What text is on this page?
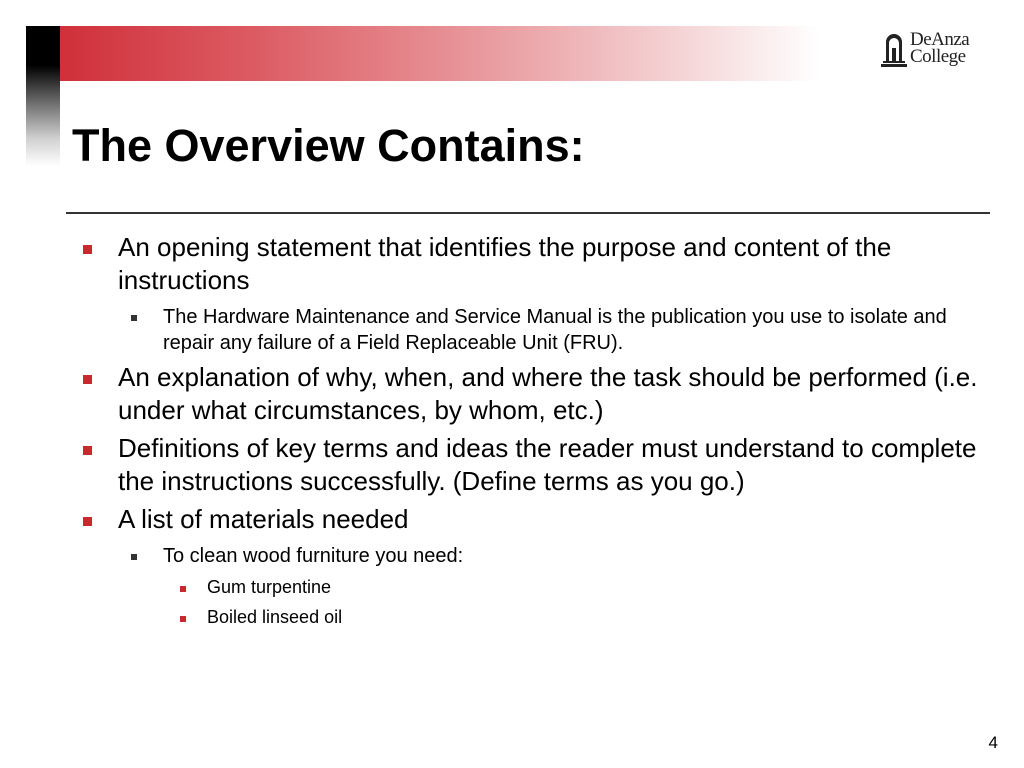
DeAnza
College
The Overview Contains:
An opening statement that identifies the purpose and content of the instructions
The Hardware Maintenance and Service Manual is the publication you use to isolate and repair any failure of a Field Replaceable Unit (FRU).
An explanation of why, when, and where the task should be performed (i.e. under what circumstances, by whom, etc.)
Definitions of key terms and ideas the reader must understand to complete the instructions successfully. (Define terms as you go.)
A list of materials needed
To clean wood furniture you need:
Gum turpentine
Boiled linseed oil
4
